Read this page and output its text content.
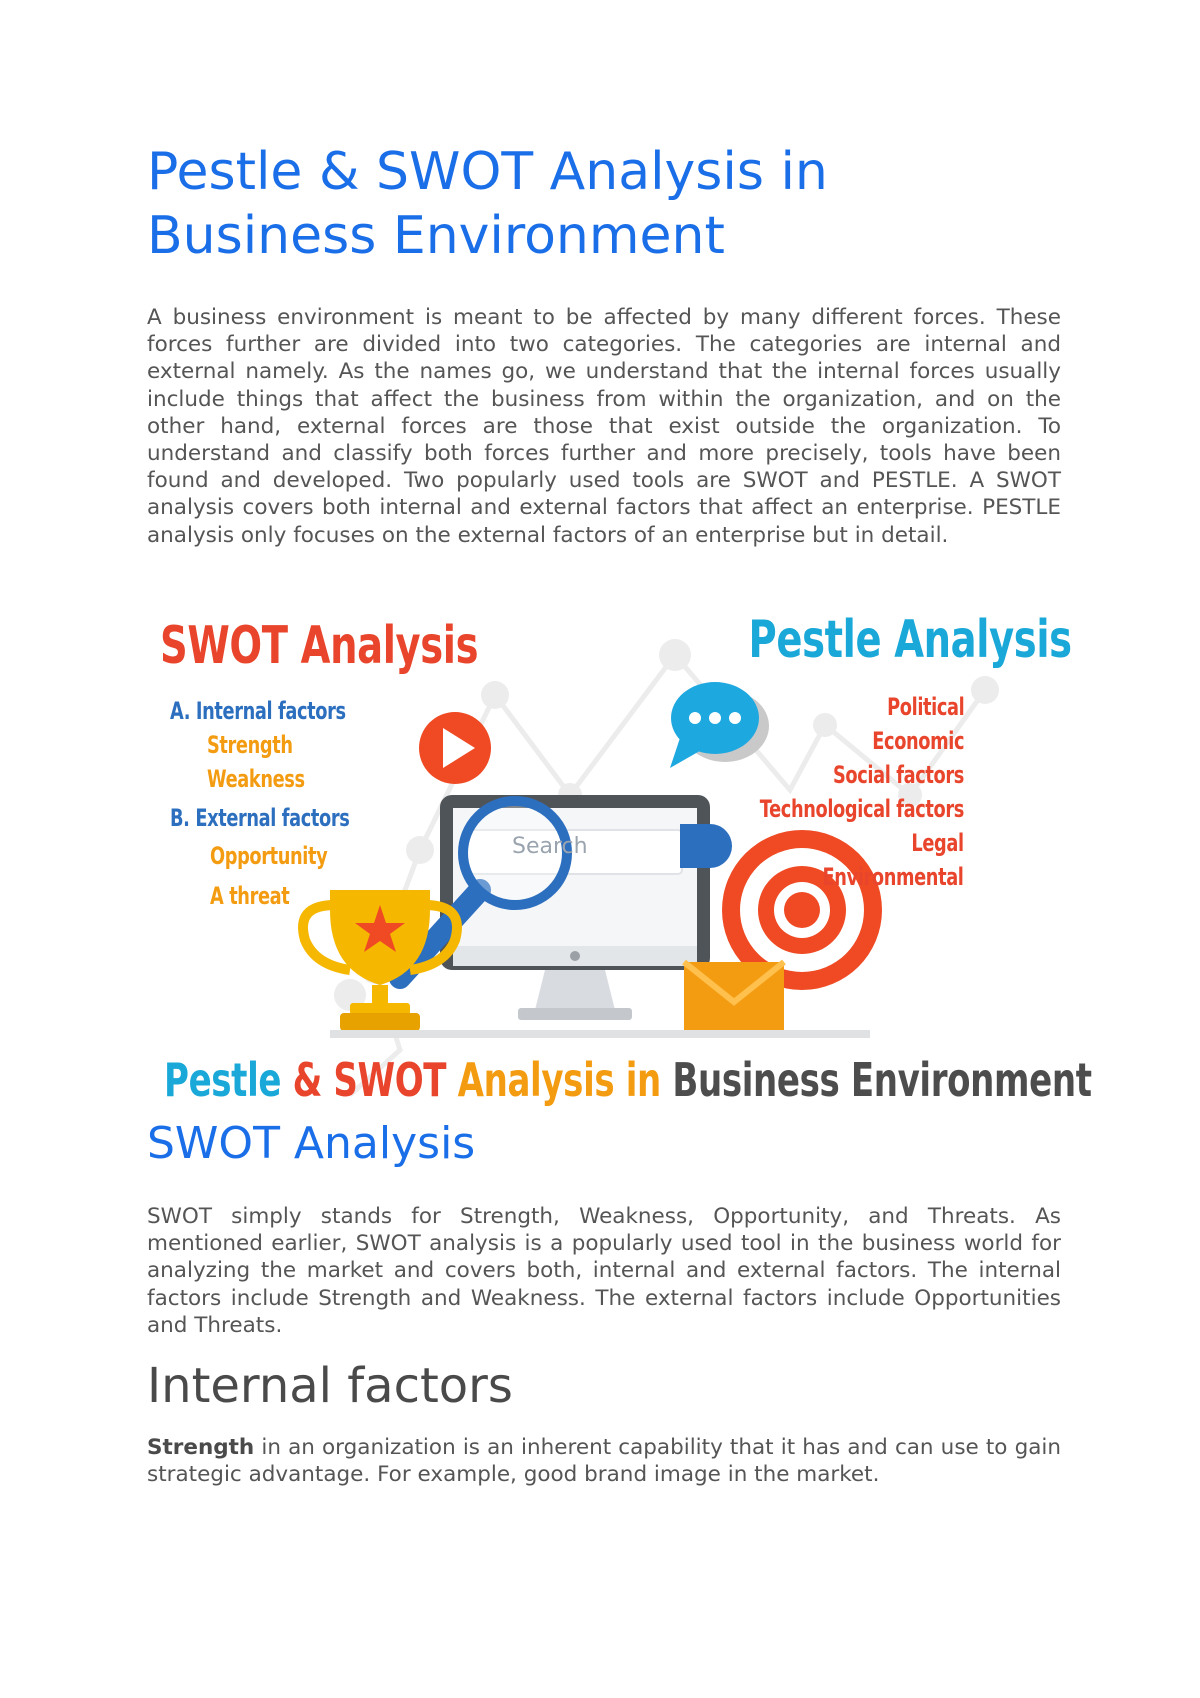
Pestle & SWOT Analysis in Business Environment

A business environment is meant to be affected by many different forces. These forces further are divided into two categories. The categories are internal and external namely. As the names go, we understand that the internal forces usually include things that affect the business from within the organization, and on the other hand, external forces are those that exist outside the organization. To understand and classify both forces further and more precisely, tools have been found and developed. Two popularly used tools are SWOT and PESTLE. A SWOT analysis covers both internal and external factors that affect an enterprise. PESTLE analysis only focuses on the external factors of an enterprise but in detail.

Search

SWOT Analysis	Pestle Analysis

A. Internal factors

Strength

Weakness

B. External factors

Opportunity

A threat

Political

Economic

Social factors

Technological factors

Legal

Environmental

Pestle & SWOT Analysis in Business Environment

SWOT Analysis

SWOT simply stands for Strength, Weakness, Opportunity, and Threats. As mentioned earlier, SWOT analysis is a popularly used tool in the business world for analyzing the market and covers both, internal and external factors. The internal factors include Strength and Weakness. The external factors include Opportunities and Threats.

Internal factors

Strength in an organization is an inherent capability that it has and can use to gain strategic advantage. For example, good brand image in the market.
